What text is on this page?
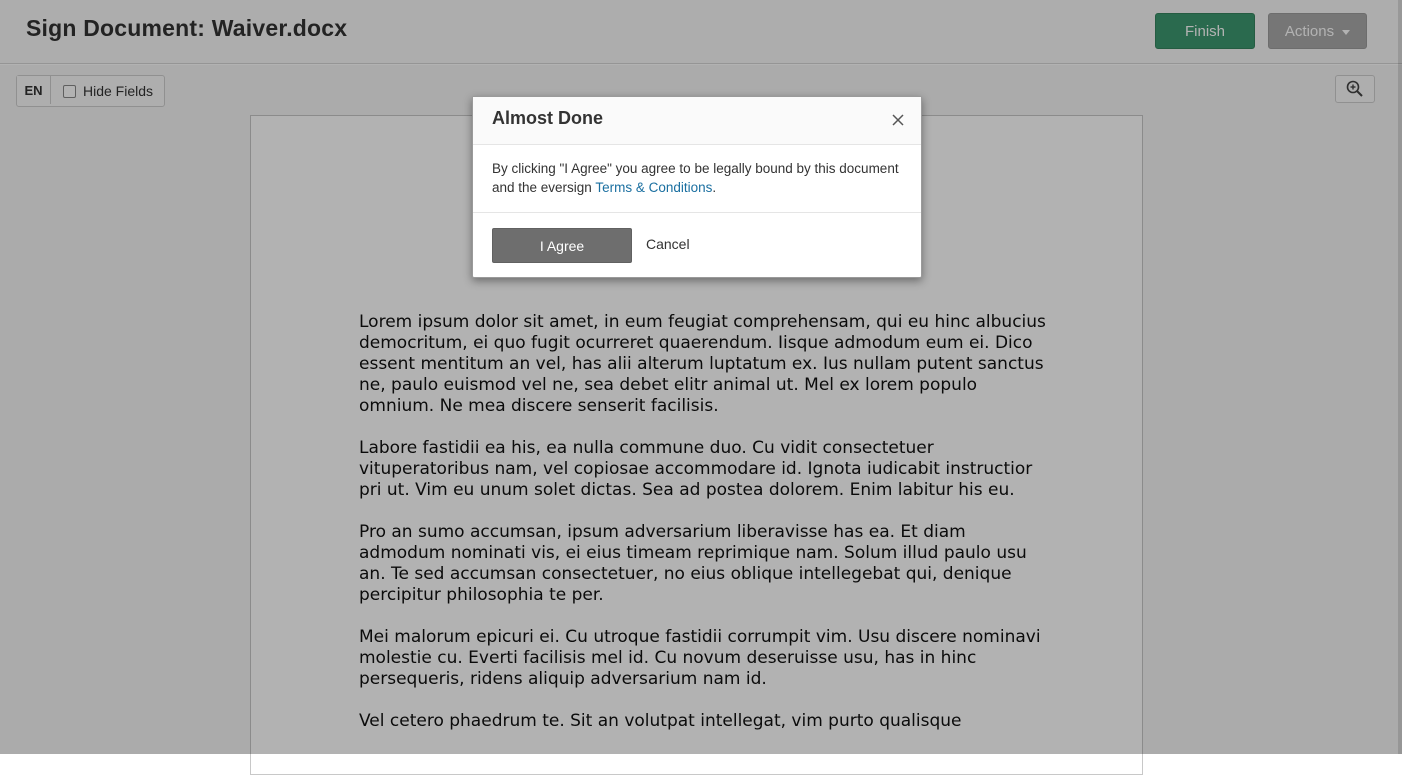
Sign Document: Waiver.docx	Finish	Actions
EN	Hide Fields

Lorem ipsum dolor sit amet, in eum feugiat comprehensam, qui eu hinc albucius democritum, ei quo fugit ocurreret quaerendum. Iisque admodum eum ei. Dico essent mentitum an vel, has alii alterum luptatum ex. Ius nullam putent sanctus ne, paulo euismod vel ne, sea debet elitr animal ut. Mel ex lorem populo omnium. Ne mea discere senserit facilisis.

Labore fastidii ea his, ea nulla commune duo. Cu vidit consectetuer vituperatoribus nam, vel copiosae accommodare id. Ignota iudicabit instructior pri ut. Vim eu unum solet dictas. Sea ad postea dolorem. Enim labitur his eu.

Pro an sumo accumsan, ipsum adversarium liberavisse has ea. Et diam admodum nominati vis, ei eius timeam reprimique nam. Solum illud paulo usu an. Te sed accumsan consectetuer, no eius oblique intellegebat qui, denique percipitur philosophia te per.

Mei malorum epicuri ei. Cu utroque fastidii corrumpit vim. Usu discere nominavi molestie cu. Everti facilisis mel id. Cu novum deseruisse usu, has in hinc persequeris, ridens aliquip adversarium nam id.

Vel cetero phaedrum te. Sit an volutpat intellegat, vim purto qualisque

Almost Done
By clicking "I Agree" you agree to be legally bound by this document and the eversign Terms & Conditions.
I Agree	Cancel
